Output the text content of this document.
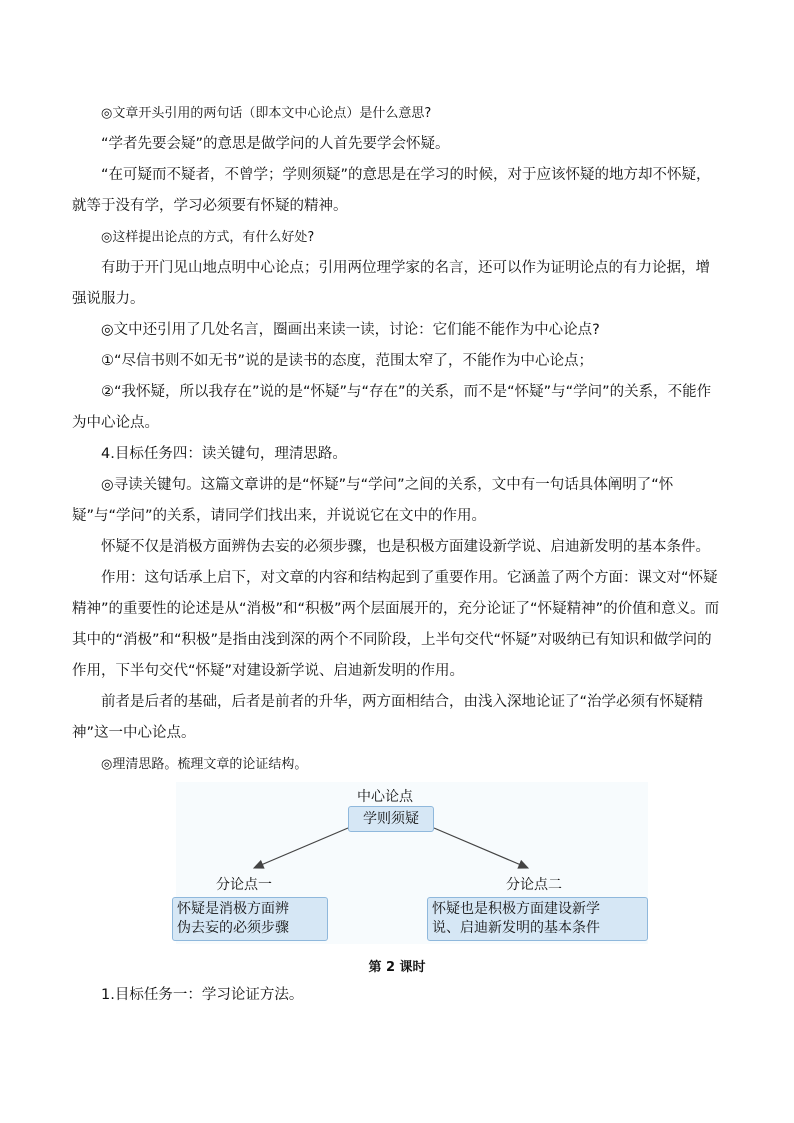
◎文章开头引用的两句话（即本文中心论点）是什么意思?

“学者先要会疑”的意思是做学问的人首先要学会怀疑。

“在可疑而不疑者，不曾学；学则须疑”的意思是在学习的时候，对于应该怀疑的地方却不怀疑，就等于没有学，学习必须要有怀疑的精神。

◎这样提出论点的方式，有什么好处?

有助于开门见山地点明中心论点；引用两位理学家的名言，还可以作为证明论点的有力论据，增强说服力。

◎文中还引用了几处名言，圈画出来读一读，讨论：它们能不能作为中心论点?

①“尽信书则不如无书”说的是读书的态度，范围太窄了，不能作为中心论点；

②“我怀疑，所以我存在”说的是“怀疑”与“存在”的关系，而不是“怀疑”与“学问”的关系，不能作为中心论点。

4.目标任务四：读关键句，理清思路。

◎寻读关键句。这篇文章讲的是“怀疑”与“学问”之间的关系，文中有一句话具体阐明了“怀疑”与“学问”的关系，请同学们找出来，并说说它在文中的作用。

怀疑不仅是消极方面辨伪去妄的必须步骤，也是积极方面建设新学说、启迪新发明的基本条件。

作用：这句话承上启下，对文章的内容和结构起到了重要作用。它涵盖了两个方面：课文对“怀疑精神”的重要性的论述是从“消极”和“积极”两个层面展开的，充分论证了“怀疑精神”的价值和意义。而其中的“消极”和“积极”是指由浅到深的两个不同阶段，上半句交代“怀疑”对吸纳已有知识和做学问的作用，下半句交代“怀疑”对建设新学说、启迪新发明的作用。

前者是后者的基础，后者是前者的升华，两方面相结合，由浅入深地论证了“治学必须有怀疑精神”这一中心论点。

◎理清思路。梳理文章的论证结构。

中心论点
学则须疑
分论点一
怀疑是消极方面辨
伪去妄的必须步骤
分论点二
怀疑也是积极方面建设新学
说、启迪新发明的基本条件
第 2 课时
1.目标任务一：学习论证方法。
